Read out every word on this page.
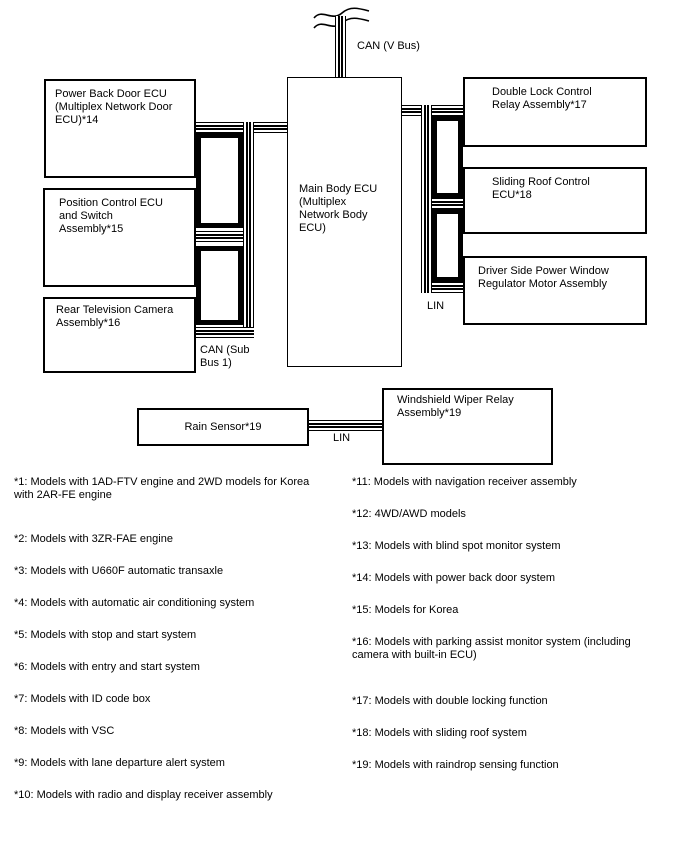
CAN (V Bus)
CAN (Sub Bus 1)
LIN
LIN
Power Back Door ECU (Multiplex Network Door ECU)*14
Position Control ECU and Switch Assembly*15
Rear Television Camera Assembly*16
Main Body ECU (Multiplex Network Body ECU)
Double Lock Control Relay Assembly*17
Sliding Roof Control ECU*18
Driver Side Power Window Regulator Motor Assembly
Rain Sensor*19
Windshield Wiper Relay Assembly*19
*1: Models with 1AD-FTV engine and 2WD models for Korea with 2AR-FE engine
*2: Models with 3ZR-FAE engine
*3: Models with U660F automatic transaxle
*4: Models with automatic air conditioning system
*5: Models with stop and start system
*6: Models with entry and start system
*7: Models with ID code box
*8: Models with VSC
*9: Models with lane departure alert system
*10: Models with radio and display receiver assembly
*11: Models with navigation receiver assembly
*12: 4WD/AWD models
*13: Models with blind spot monitor system
*14: Models with power back door system
*15: Models for Korea
*16: Models with parking assist monitor system (including camera with built-in ECU)
*17: Models with double locking function
*18: Models with sliding roof system
*19: Models with raindrop sensing function
